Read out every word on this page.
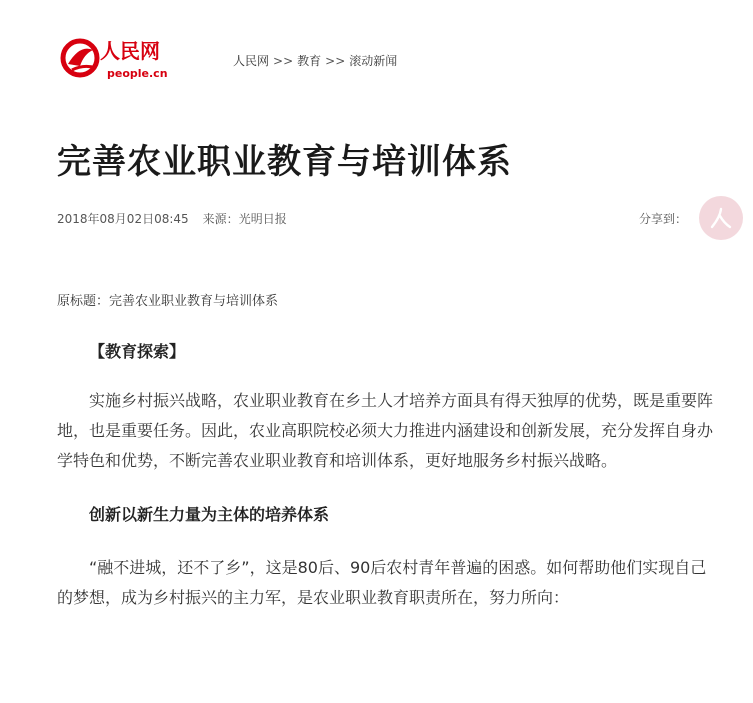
人民网
people.cn
人民网 >> 教育 >> 滚动新闻
完善农业职业教育与培训体系
2018年08月02日08:45 来源：光明日报	分享到：

原标题：完善农业职业教育与培训体系

【教育探索】

实施乡村振兴战略，农业职业教育在乡土人才培养方面具有得天独厚的优势，既是重要阵地，也是重要任务。因此，农业高职院校必须大力推进内涵建设和创新发展，充分发挥自身办学特色和优势，不断完善农业职业教育和培训体系，更好地服务乡村振兴战略。

创新以新生力量为主体的培养体系

“融不进城，还不了乡”，这是80后、90后农村青年普遍的困惑。如何帮助他们实现自己的梦想，成为乡村振兴的主力军，是农业职业教育职责所在，努力所向：
